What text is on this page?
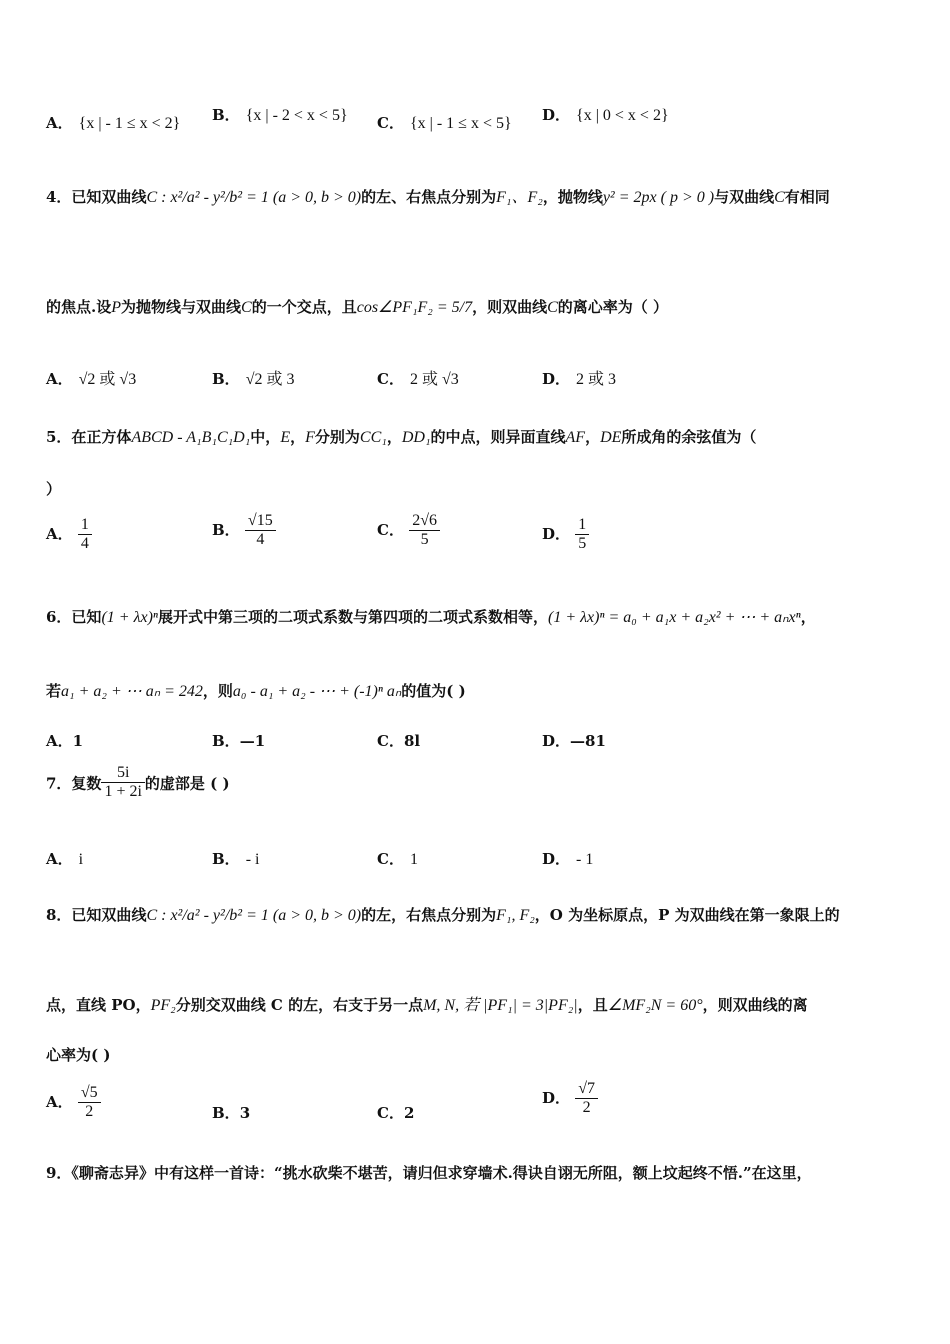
A． {x | - 1 ≤ x < 2} B． {x | - 2 < x < 5} C． {x | - 1 ≤ x < 5} D． {x | 0 < x < 2}
4．已知双曲线C : x²/a² - y²/b² = 1 (a > 0, b > 0)的左、右焦点分别为F₁、F₂，抛物线y² = 2px ( p > 0 )与双曲线C有相同
的焦点.设P为抛物线与双曲线C的一个交点，且cos∠PF₁F₂ = 5/7，则双曲线C的离心率为（ ）
A． √2 或 √3	B． √2 或 3	C． 2 或 √3	D． 2 或 3
5．在正方体ABCD - A₁B₁C₁D₁中，E，F分别为CC₁，DD₁的中点，则异面直线AF，DE所成角的余弦值为（
）
A． $\frac{1}{4}$	B． $\frac{√15}{4}$	C． $\frac{2√6}{5}$	D． $\frac{1}{5}$
6．已知(1 + λx)ⁿ展开式中第三项的二项式系数与第四项的二项式系数相等，(1 + λx)ⁿ = a₀ + a₁x + a₂x² + ⋯ + aₙxⁿ，
若a₁ + a₂ + ⋯ aₙ = 242，则a₀ - a₁ + a₂ - ⋯ + (-1)ⁿ aₙ的值为( )
A．1	B．—1	C．8l	D．—81
7．复数 $\frac{5i}{1 + 2i}$ 的虚部是 ( )
A． i	B． - i	C． 1	D． - 1
8．已知双曲线C : x²/a² - y²/b² = 1 (a > 0, b > 0)的左，右焦点分别为F₁, F₂，O 为坐标原点，P 为双曲线在第一象限上的
点，直线 PO，PF₂分别交双曲线 C 的左，右支于另一点M, N, 若 |PF₁| = 3|PF₂|，且∠MF₂N = 60°，则双曲线的离
心率为( )
A． $\frac{√5}{2}$	B．3	C．2
D． $\frac{√7}{2}$
9．《聊斋志异》中有这样一首诗：“挑水砍柴不堪苦，请归但求穿墙术.得诀自诩无所阻，额上坟起终不悟.”在这里，
